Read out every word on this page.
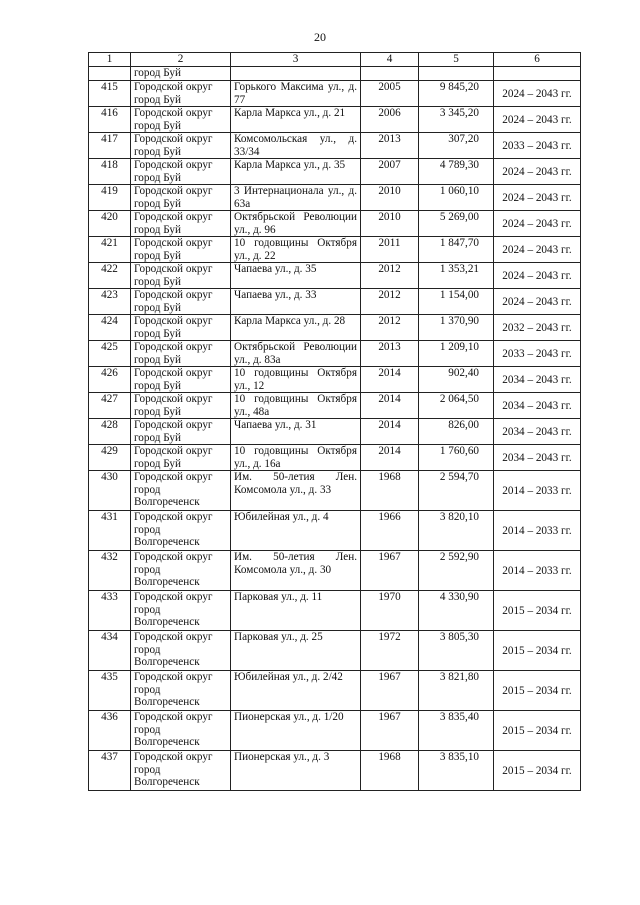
20
1	2	3	4	5	6
	город Буй				
415	Городской округ город Буй	Горького Максима ул., д. 77	2005	9 845,20	2024 – 2043 гг.
416	Городской округ город Буй	Карла Маркса ул., д. 21	2006	3 345,20	2024 – 2043 гг.
417	Городской округ город Буй	Комсомольская ул., д. 33/34	2013	307,20	2033 – 2043 гг.
418	Городской округ город Буй	Карла Маркса ул., д. 35	2007	4 789,30	2024 – 2043 гг.
419	Городской округ город Буй	3 Интернационала ул., д. 63а	2010	1 060,10	2024 – 2043 гг.
420	Городской округ город Буй	Октябрьской Революции ул., д. 96	2010	5 269,00	2024 – 2043 гг.
421	Городской округ город Буй	10 годовщины Октября ул., д. 22	2011	1 847,70	2024 – 2043 гг.
422	Городской округ город Буй	Чапаева ул., д. 35	2012	1 353,21	2024 – 2043 гг.
423	Городской округ город Буй	Чапаева ул., д. 33	2012	1 154,00	2024 – 2043 гг.
424	Городской округ город Буй	Карла Маркса ул., д. 28	2012	1 370,90	2032 – 2043 гг.
425	Городской округ город Буй	Октябрьской Революции ул., д. 83а	2013	1 209,10	2033 – 2043 гг.
426	Городской округ город Буй	10 годовщины Октября ул., 12	2014	902,40	2034 – 2043 гг.
427	Городской округ город Буй	10 годовщины Октября ул., 48а	2014	2 064,50	2034 – 2043 гг.
428	Городской округ город Буй	Чапаева ул., д. 31	2014	826,00	2034 – 2043 гг.
429	Городской округ город Буй	10 годовщины Октября ул., д. 16а	2014	1 760,60	2034 – 2043 гг.
430	Городской округ город Волгореченск	Им. 50-летия Лен. Комсомола ул., д. 33	1968	2 594,70	2014 – 2033 гг.
431	Городской округ город Волгореченск	Юбилейная ул., д. 4	1966	3 820,10	2014 – 2033 гг.
432	Городской округ город Волгореченск	Им. 50-летия Лен. Комсомола ул., д. 30	1967	2 592,90	2014 – 2033 гг.
433	Городской округ город Волгореченск	Парковая ул., д. 11	1970	4 330,90	2015 – 2034 гг.
434	Городской округ город Волгореченск	Парковая ул., д. 25	1972	3 805,30	2015 – 2034 гг.
435	Городской округ город Волгореченск	Юбилейная ул., д. 2/42	1967	3 821,80	2015 – 2034 гг.
436	Городской округ город Волгореченск	Пионерская ул., д. 1/20	1967	3 835,40	2015 – 2034 гг.
437	Городской округ город Волгореченск	Пионерская ул., д. 3	1968	3 835,10	2015 – 2034 гг.
